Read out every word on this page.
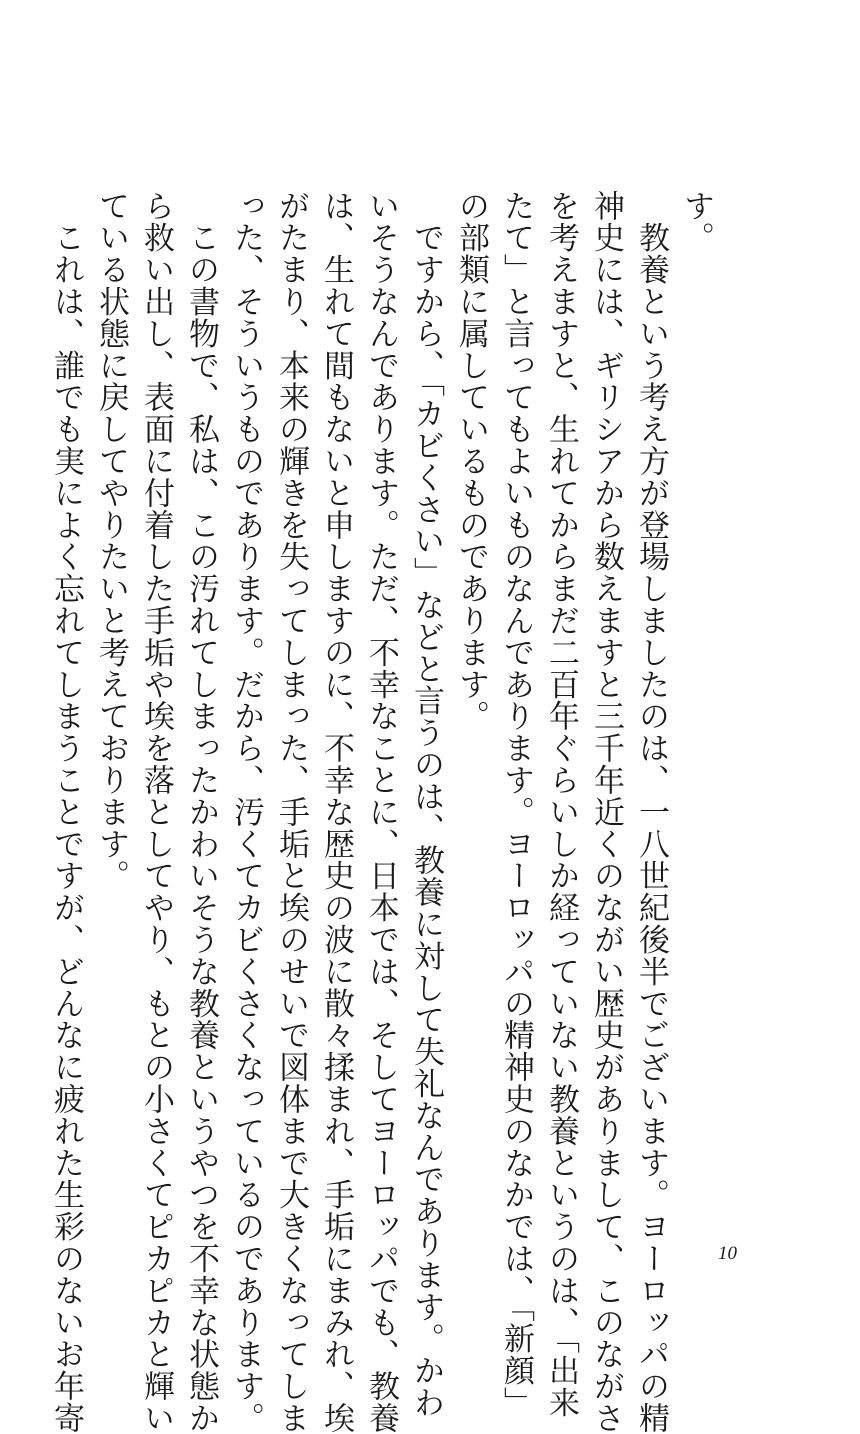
す。
　教養という考え方が登場しましたのは、一八世紀後半でございます。ヨーロッパの精
神史には、ギリシアから数えますと三千年近くのながい歴史がありまして、このながさ
を考えますと、生れてからまだ二百年ぐらいしか経っていない教養というのは、「出来
たて」と言ってもよいものなんであります。ヨーロッパの精神史のなかでは、「新顔」
の部類に属しているものであります。
　ですから、「カビくさい」などと言うのは、教養に対して失礼なんであります。かわ
いそうなんであります。ただ、不幸なことに、日本では、そしてヨーロッパでも、教養
は、生れて間もないと申しますのに、不幸な歴史の波に散々揉まれ、手垢にまみれ、埃
がたまり、本来の輝きを失ってしまった、手垢と埃のせいで図体まで大きくなってしま
った、そういうものであります。だから、汚くてカビくさくなっているのであります。
　この書物で、私は、この汚れてしまったかわいそうな教養というやつを不幸な状態か
ら救い出し、表面に付着した手垢や埃を落としてやり、もとの小さくてピカピカと輝い
ている状態に戻してやりたいと考えております。
　これは、誰でも実によく忘れてしまうことですが、どんなに疲れた生彩のないお年寄	10
